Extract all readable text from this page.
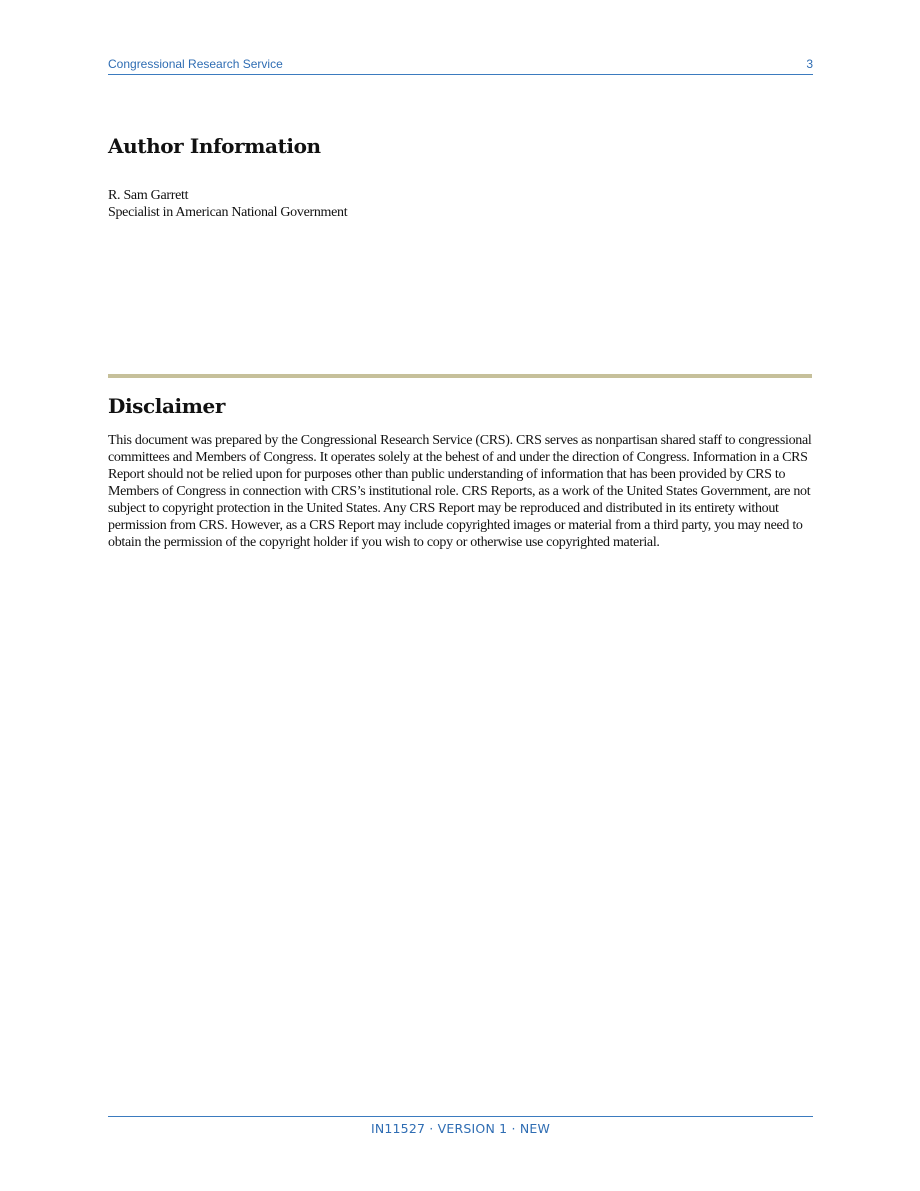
Congressional Research Service	3
Author Information
R. Sam Garrett
Specialist in American National Government
Disclaimer

This document was prepared by the Congressional Research Service (CRS). CRS serves as nonpartisan shared staff to congressional committees and Members of Congress. It operates solely at the behest of and under the direction of Congress. Information in a CRS Report should not be relied upon for purposes other than public understanding of information that has been provided by CRS to Members of Congress in connection with CRS’s institutional role. CRS Reports, as a work of the United States Government, are not subject to copyright protection in the United States. Any CRS Report may be reproduced and distributed in its entirety without permission from CRS. However, as a CRS Report may include copyrighted images or material from a third party, you may need to obtain the permission of the copyright holder if you wish to copy or otherwise use copyrighted material.

IN11527 · VERSION 1 · NEW
